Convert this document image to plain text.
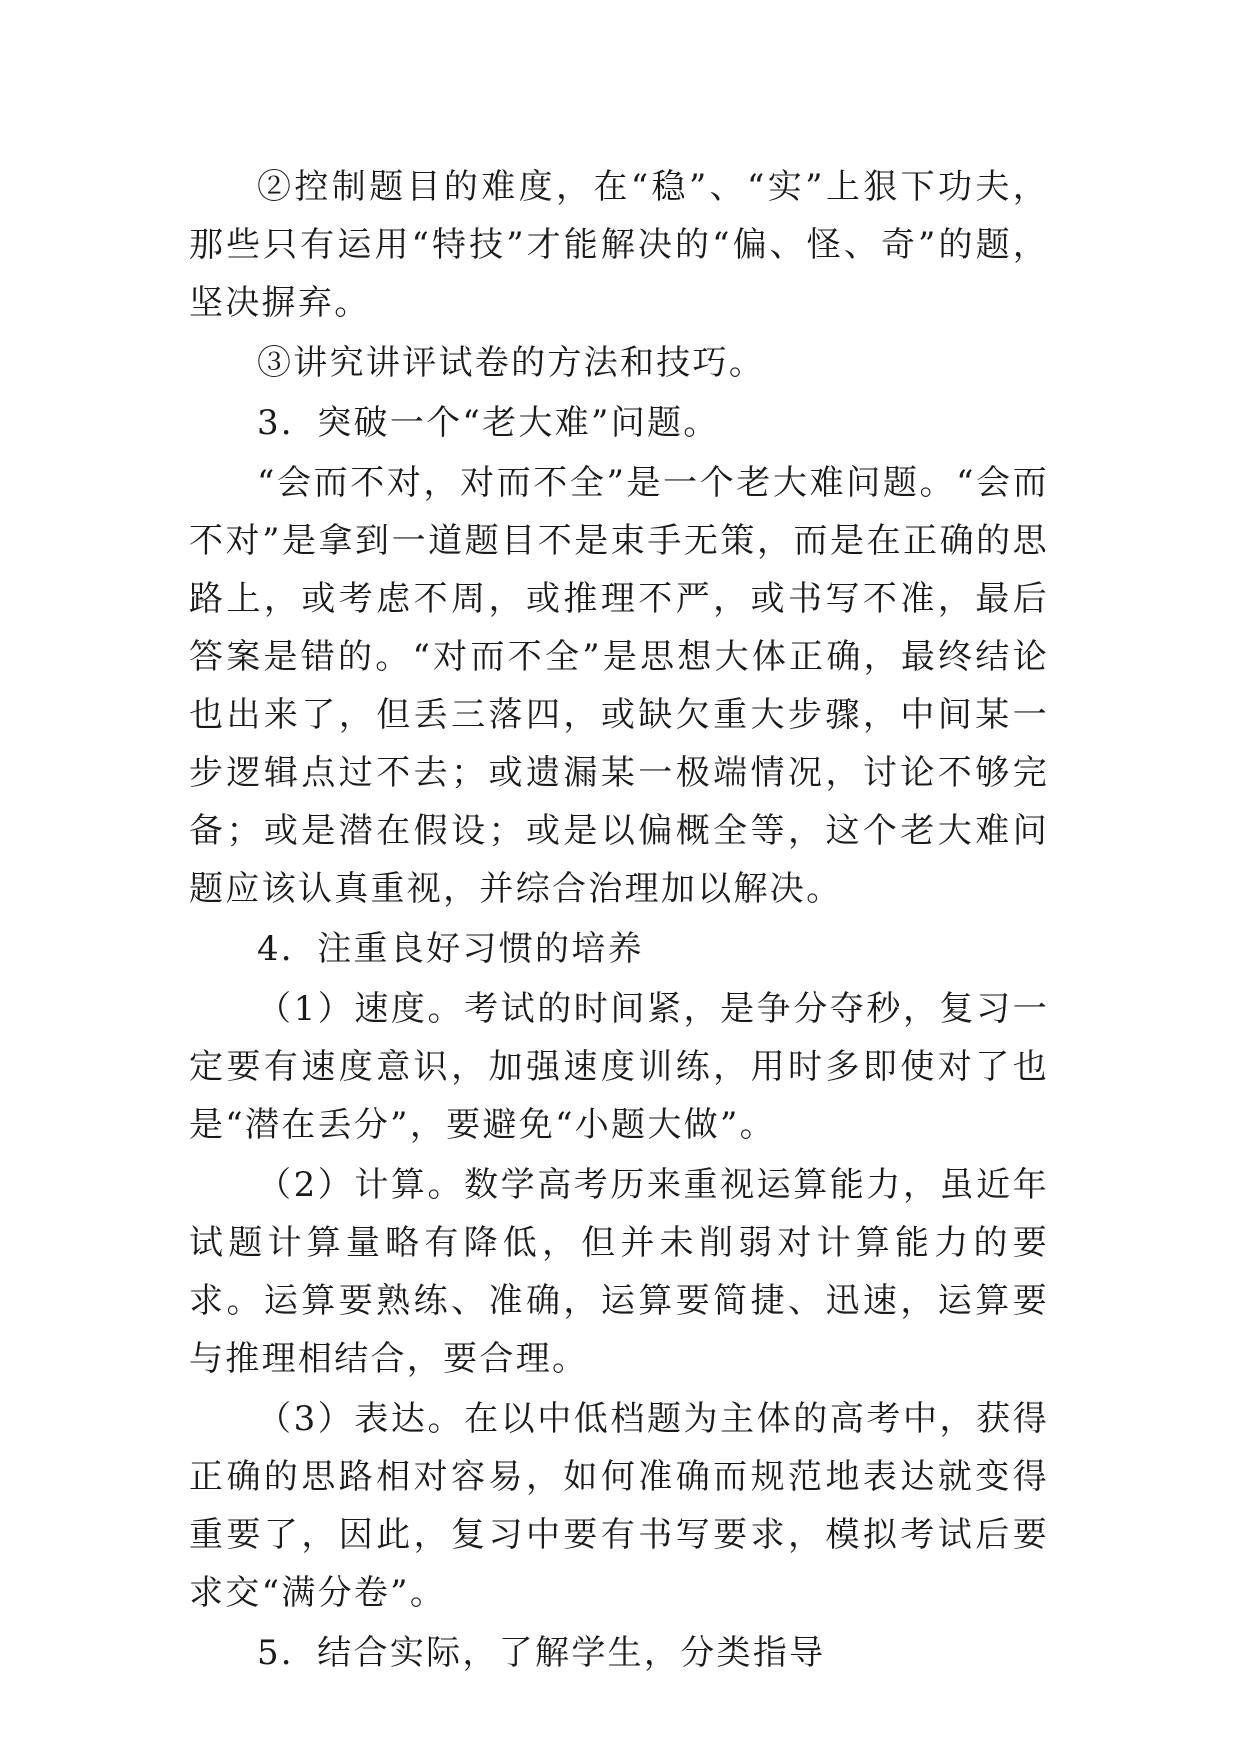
②控制题目的难度，在“稳”、“实”上狠下功夫，那些只有运用“特技”才能解决的“偏、怪、奇”的题，坚决摒弃。

③讲究讲评试卷的方法和技巧。

3．突破一个“老大难”问题。

“会而不对，对而不全”是一个老大难问题。“会而不对”是拿到一道题目不是束手无策，而是在正确的思路上，或考虑不周，或推理不严，或书写不准，最后答案是错的。“对而不全”是思想大体正确，最终结论也出来了，但丢三落四，或缺欠重大步骤，中间某一步逻辑点过不去；或遗漏某一极端情况，讨论不够完备；或是潜在假设；或是以偏概全等，这个老大难问题应该认真重视，并综合治理加以解决。

4．注重良好习惯的培养

（1）速度。考试的时间紧，是争分夺秒，复习一定要有速度意识，加强速度训练，用时多即使对了也是“潜在丢分”，要避免“小题大做”。

（2）计算。数学高考历来重视运算能力，虽近年试题计算量略有降低，但并未削弱对计算能力的要求。运算要熟练、准确，运算要简捷、迅速，运算要与推理相结合，要合理。

（3）表达。在以中低档题为主体的高考中，获得正确的思路相对容易，如何准确而规范地表达就变得重要了，因此，复习中要有书写要求，模拟考试后要求交“满分卷”。

5．结合实际，了解学生，分类指导
